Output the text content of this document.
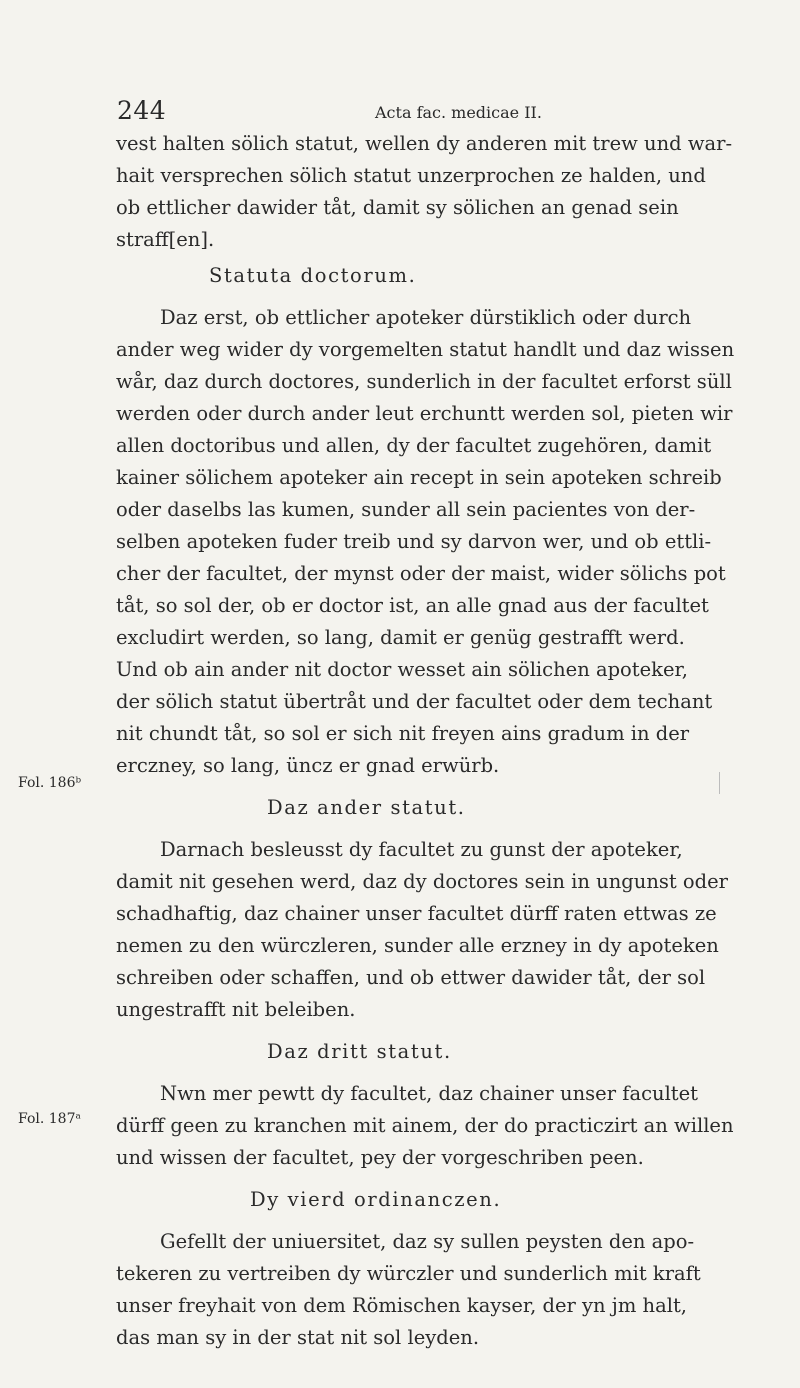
244	Acta fac. medicae II.
Fol. 186ᵇ
Fol. 187ᵃ
vest halten sölich statut, wellen dy anderen mit trew und war-
hait versprechen sölich statut unzerprochen ze halden, und
ob ettlicher dawider tåt, damit sy sölichen an genad sein
straff[en].
Statuta doctorum.
Daz erst, ob ettlicher apoteker dürstiklich oder durch
ander weg wider dy vorgemelten statut handlt und daz wissen
wår, daz durch doctores, sunderlich in der facultet erforst süll
werden oder durch ander leut erchuntt werden sol, pieten wir
allen doctoribus und allen, dy der facultet zugehören, damit
kainer sölichem apoteker ain recept in sein apoteken schreib
oder daselbs las kumen, sunder all sein pacientes von der-
selben apoteken fuder treib und sy darvon wer, und ob ettli-
cher der facultet, der mynst oder der maist, wider sölichs pot
tåt, so sol der, ob er doctor ist, an alle gnad aus der facultet
excludirt werden, so lang, damit er genüg gestrafft werd.
Und ob ain ander nit doctor wesset ain sölichen apoteker,
der sölich statut übertråt und der facultet oder dem techant
nit chundt tåt, so sol er sich nit freyen ains gradum in der
erczney, so lang, üncz er gnad erwürb.
Daz ander statut.
Darnach besleusst dy facultet zu gunst der apoteker,
damit nit gesehen werd, daz dy doctores sein in ungunst oder
schadhaftig, daz chainer unser facultet dürff raten ettwas ze
nemen zu den würczleren, sunder alle erzney in dy apoteken
schreiben oder schaffen, und ob ettwer dawider tåt, der sol
ungestrafft nit beleiben.
Daz dritt statut.
Nwn mer pewtt dy facultet, daz chainer unser facultet
dürff geen zu kranchen mit ainem, der do practiczirt an willen
und wissen der facultet, pey der vorgeschriben peen.
Dy vierd ordinanczen.
Gefellt der uniuersitet, daz sy sullen peysten den apo-
tekeren zu vertreiben dy würczler und sunderlich mit kraft
unser freyhait von dem Römischen kayser, der yn jm halt,
das man sy in der stat nit sol leyden.
